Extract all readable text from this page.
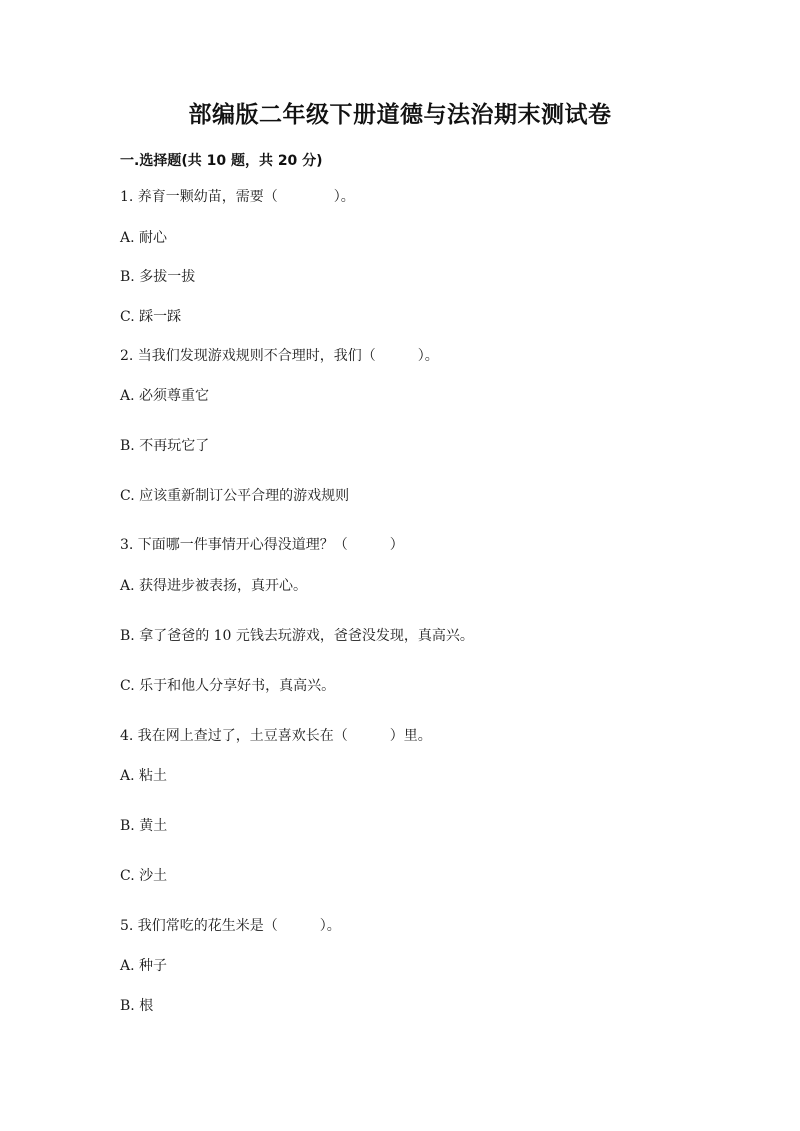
部编版二年级下册道德与法治期末测试卷
一.选择题(共 10 题，共 20 分)
1. 养育一颗幼苗，需要（　　　　）。
A. 耐心
B. 多拔一拔
C. 踩一踩
2. 当我们发现游戏规则不合理时，我们（　　　）。
A. 必须尊重它
B. 不再玩它了
C. 应该重新制订公平合理的游戏规则
3. 下面哪一件事情开心得没道理？（　　　）
A. 获得进步被表扬，真开心。
B. 拿了爸爸的 10 元钱去玩游戏，爸爸没发现，真高兴。
C. 乐于和他人分享好书，真高兴。
4. 我在网上查过了，土豆喜欢长在（　　　）里。
A. 粘土
B. 黄土
C. 沙土
5. 我们常吃的花生米是（　　　）。
A. 种子
B. 根
